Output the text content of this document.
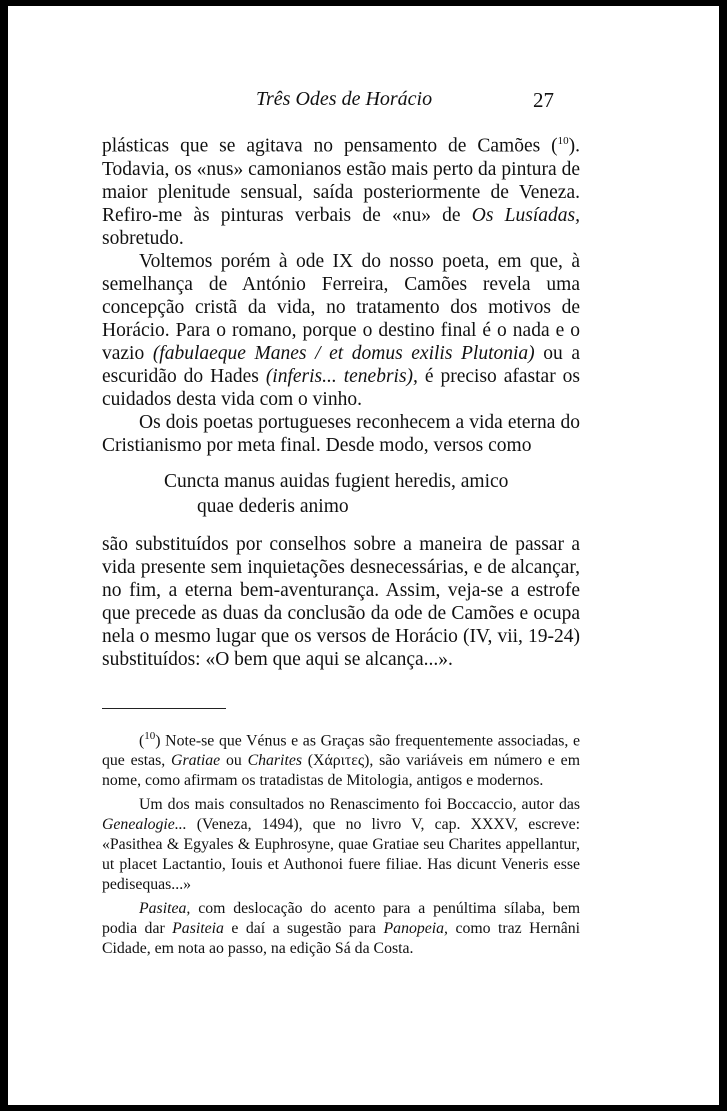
Três Odes de Horácio	27

plásticas que se agitava no pensamento de Camões ($^{10}$). Todavia, os «nus» camonianos estão mais perto da pintura de maior plenitude sensual, saída posteriormente de Veneza. Refiro-me às pinturas verbais de «nu» de Os Lusíadas, sobretudo.

Voltemos porém à ode IX do nosso poeta, em que, à semelhança de António Ferreira, Camões revela uma concepção cristã da vida, no tratamento dos motivos de Horácio. Para o romano, porque o destino final é o nada e o vazio (fabulaeque Manes / et domus exilis Plutonia) ou a escuridão do Hades (inferis... tenebris), é preciso afastar os cuidados desta vida com o vinho.

Os dois poetas portugueses reconhecem a vida eterna do Cristianismo por meta final. Desde modo, versos como

Cuncta manus auidas fugient heredis, amico
quae dederis animo

são substituídos por conselhos sobre a maneira de passar a vida presente sem inquietações desnecessárias, e de alcançar, no fim, a eterna bem-aventurança. Assim, veja-se a estrofe que precede as duas da conclusão da ode de Camões e ocupa nela o mesmo lugar que os versos de Horácio (IV, vii, 19-24) substituídos: «O bem que aqui se alcança...».

($^{10}$) Note-se que Vénus e as Graças são frequentemente associadas, e que estas, Gratiae ou Charites (Χάριτες), são variáveis em número e em nome, como afirmam os tratadistas de Mitologia, antigos e modernos.

Um dos mais consultados no Renascimento foi Boccaccio, autor das Genealogie... (Veneza, 1494), que no livro V, cap. XXXV, escreve: «Pasithea & Egyales & Euphrosyne, quae Gratiae seu Charites appellantur, ut placet Lactantio, Iouis et Authonoi fuere filiae. Has dicunt Veneris esse pedisequas...»

Pasitea, com deslocação do acento para a penúltima sílaba, bem podia dar Pasiteia e daí a sugestão para Panopeia, como traz Hernâni Cidade, em nota ao passo, na edição Sá da Costa.
